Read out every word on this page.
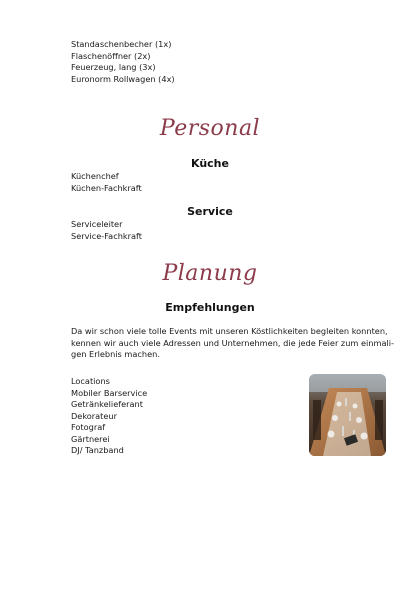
Standaschenbecher (1x)
Flaschenöffner (2x)
Feuerzeug, lang (3x)
Euronorm Rollwagen (4x)
Personal
Küche
Küchenchef
Küchen-Fachkraft
Service
Serviceleiter
Service-Fachkraft
Planung
Empfehlungen
Da wir schon viele tolle Events mit unseren Köstlichkeiten begleiten konnten,
kennen wir auch viele Adressen und Unternehmen, die jede Feier zum einmali-
gen Erlebnis machen.
Locations
Mobiler Barservice
Getränkelieferant
Dekorateur
Fotograf
Gärtnerei
DJ/ Tanzband
